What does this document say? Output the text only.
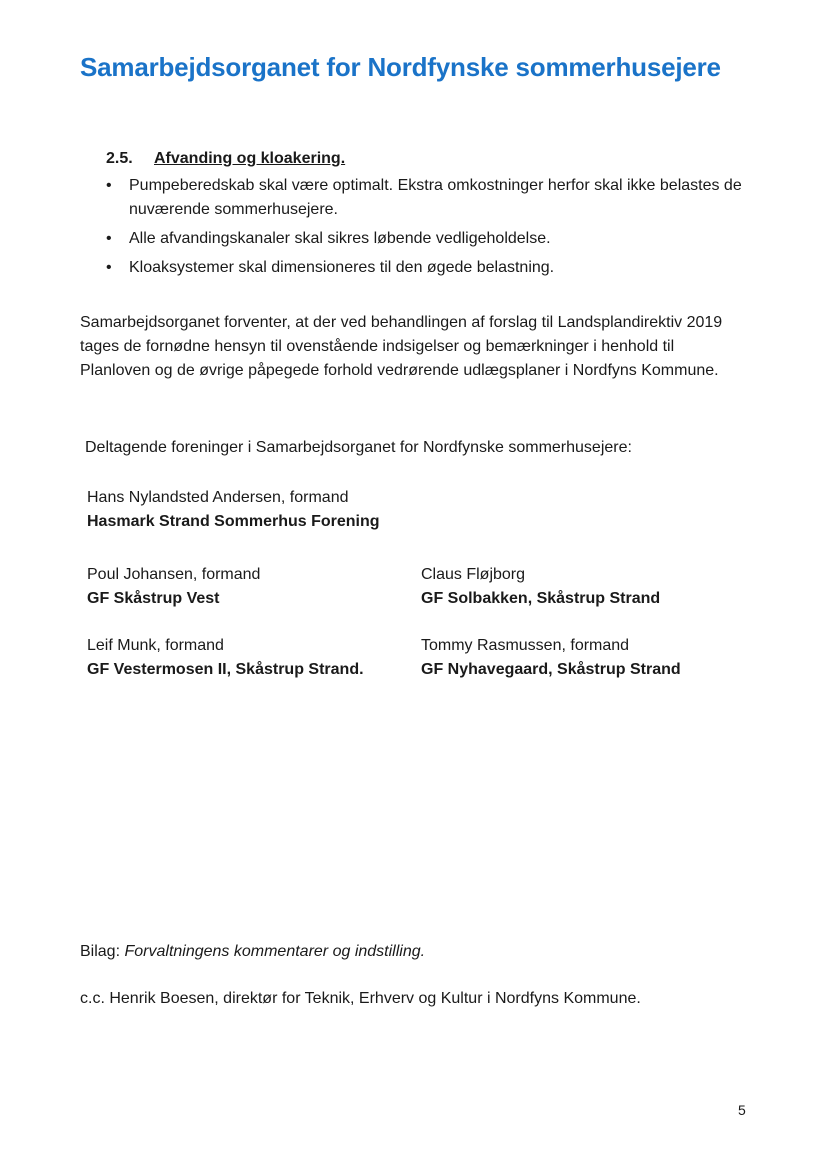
Samarbejdsorganet for Nordfynske sommerhusejere
2.5. Afvanding og kloakering.
• Pumpeberedskab skal være optimalt. Ekstra omkostninger herfor skal ikke belastes de nuværende sommerhusejere.
• Alle afvandingskanaler skal sikres løbende vedligeholdelse.
• Kloaksystemer skal dimensioneres til den øgede belastning.

Samarbejdsorganet forventer, at der ved behandlingen af forslag til Landsplandirektiv 2019 tages de fornødne hensyn til ovenstående indsigelser og bemærkninger i henhold til Planloven og de øvrige påpegede forhold vedrørende udlægsplaner i Nordfyns Kommune.

Deltagende foreninger i Samarbejdsorganet for Nordfynske sommerhusejere:
Hans Nylandsted Andersen, formand
Hasmark Strand Sommerhus Forening
Poul Johansen, formand
GF Skåstrup Vest
Claus Fløjborg
GF Solbakken, Skåstrup Strand
Leif Munk, formand
GF Vestermosen II, Skåstrup Strand.
Tommy Rasmussen, formand
GF Nyhavegaard, Skåstrup Strand
Bilag: Forvaltningens kommentarer og indstilling.
c.c. Henrik Boesen, direktør for Teknik, Erhverv og Kultur i Nordfyns Kommune.
5
